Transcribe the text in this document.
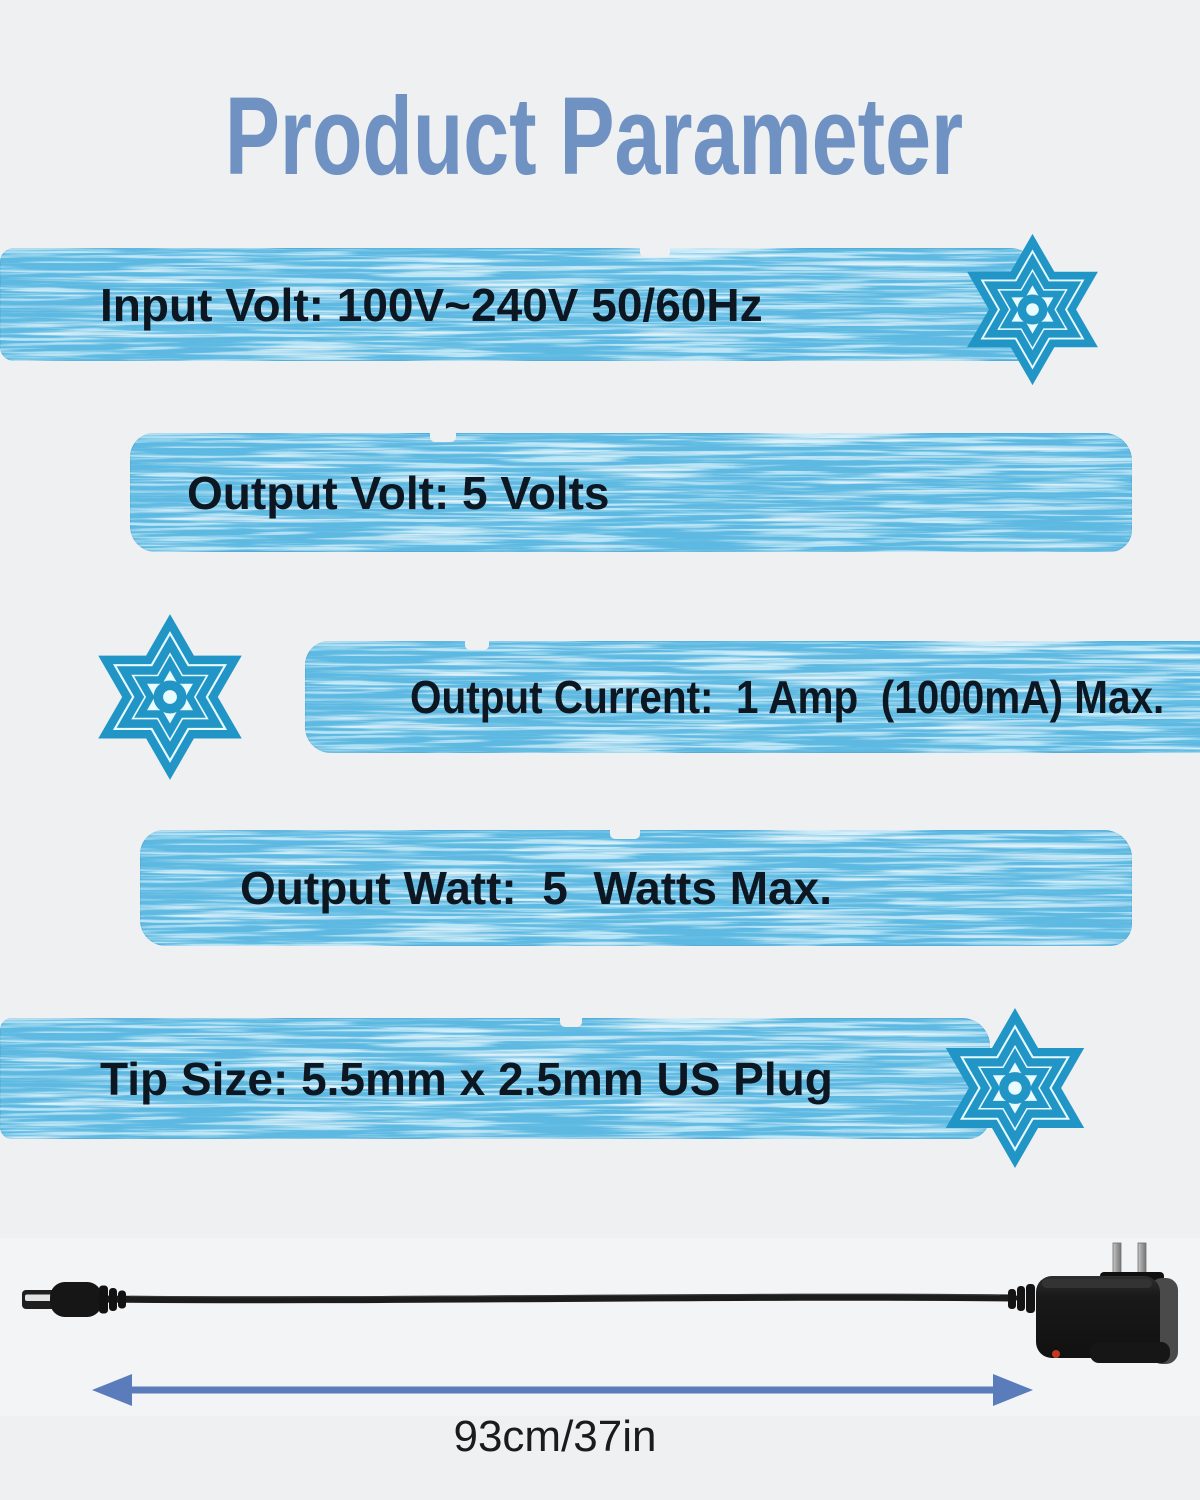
Product Parameter
Input Volt: 100V~240V 50/60Hz
Output Volt: 5 Volts
Output Current:  1 Amp  (1000mA) Max.
Output Watt:  5  Watts Max.
Tip Size: 5.5mm x 2.5mm US Plug
93cm/37in
